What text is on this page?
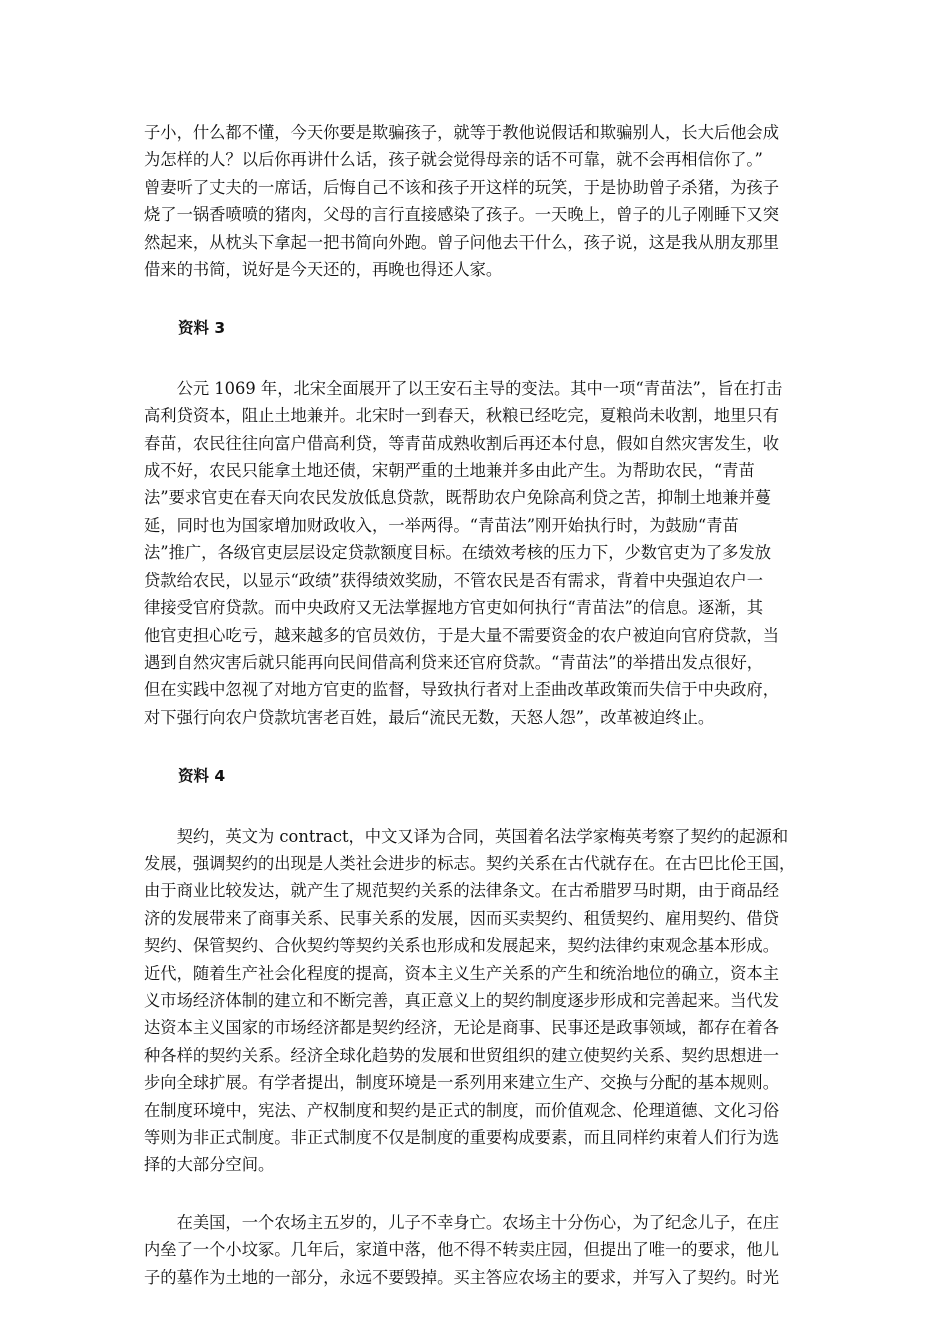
子小，什么都不懂，今天你要是欺骗孩子，就等于教他说假话和欺骗别人，长大后他会成
为怎样的人？以后你再讲什么话，孩子就会觉得母亲的话不可靠，就不会再相信你了。”
曾妻听了丈夫的一席话，后悔自己不该和孩子开这样的玩笑，于是协助曾子杀猪，为孩子
烧了一锅香喷喷的猪肉，父母的言行直接感染了孩子。一天晚上，曾子的儿子刚睡下又突
然起来，从枕头下拿起一把书简向外跑。曾子问他去干什么，孩子说，这是我从朋友那里
借来的书简，说好是今天还的，再晚也得还人家。

资料 3

　　公元 1069 年，北宋全面展开了以王安石主导的变法。其中一项“青苗法”，旨在打击
高利贷资本，阻止土地兼并。北宋时一到春天，秋粮已经吃完，夏粮尚未收割，地里只有
春苗，农民往往向富户借高利贷，等青苗成熟收割后再还本付息，假如自然灾害发生，收
成不好，农民只能拿土地还债，宋朝严重的土地兼并多由此产生。为帮助农民，“青苗
法”要求官吏在春天向农民发放低息贷款，既帮助农户免除高利贷之苦，抑制土地兼并蔓
延，同时也为国家增加财政收入，一举两得。“青苗法”刚开始执行时，为鼓励“青苗
法”推广，各级官吏层层设定贷款额度目标。在绩效考核的压力下，少数官吏为了多发放
贷款给农民，以显示“政绩”获得绩效奖励，不管农民是否有需求，背着中央强迫农户一
律接受官府贷款。而中央政府又无法掌握地方官吏如何执行“青苗法”的信息。逐渐，其
他官吏担心吃亏，越来越多的官员效仿，于是大量不需要资金的农户被迫向官府贷款，当
遇到自然灾害后就只能再向民间借高利贷来还官府贷款。“青苗法”的举措出发点很好，
但在实践中忽视了对地方官吏的监督，导致执行者对上歪曲改革政策而失信于中央政府，
对下强行向农户贷款坑害老百姓，最后“流民无数，天怒人怨”，改革被迫终止。

资料 4

　　契约，英文为 contract，中文又译为合同，英国着名法学家梅英考察了契约的起源和
发展，强调契约的出现是人类社会进步的标志。契约关系在古代就存在。在古巴比伦王国，
由于商业比较发达，就产生了规范契约关系的法律条文。在古希腊罗马时期，由于商品经
济的发展带来了商事关系、民事关系的发展，因而买卖契约、租赁契约、雇用契约、借贷
契约、保管契约、合伙契约等契约关系也形成和发展起来，契约法律约束观念基本形成。
近代，随着生产社会化程度的提高，资本主义生产关系的产生和统治地位的确立，资本主
义市场经济体制的建立和不断完善，真正意义上的契约制度逐步形成和完善起来。当代发
达资本主义国家的市场经济都是契约经济，无论是商事、民事还是政事领域，都存在着各
种各样的契约关系。经济全球化趋势的发展和世贸组织的建立使契约关系、契约思想进一
步向全球扩展。有学者提出，制度环境是一系列用来建立生产、交换与分配的基本规则。
在制度环境中，宪法、产权制度和契约是正式的制度，而价值观念、伦理道德、文化习俗
等则为非正式制度。非正式制度不仅是制度的重要构成要素，而且同样约束着人们行为选
择的大部分空间。
　　在美国，一个农场主五岁的，儿子不幸身亡。农场主十分伤心，为了纪念儿子，在庄
内垒了一个小坟冢。几年后，家道中落，他不得不转卖庄园，但提出了唯一的要求，他儿
子的墓作为土地的一部分，永远不要毁掉。买主答应农场主的要求，并写入了契约。时光
